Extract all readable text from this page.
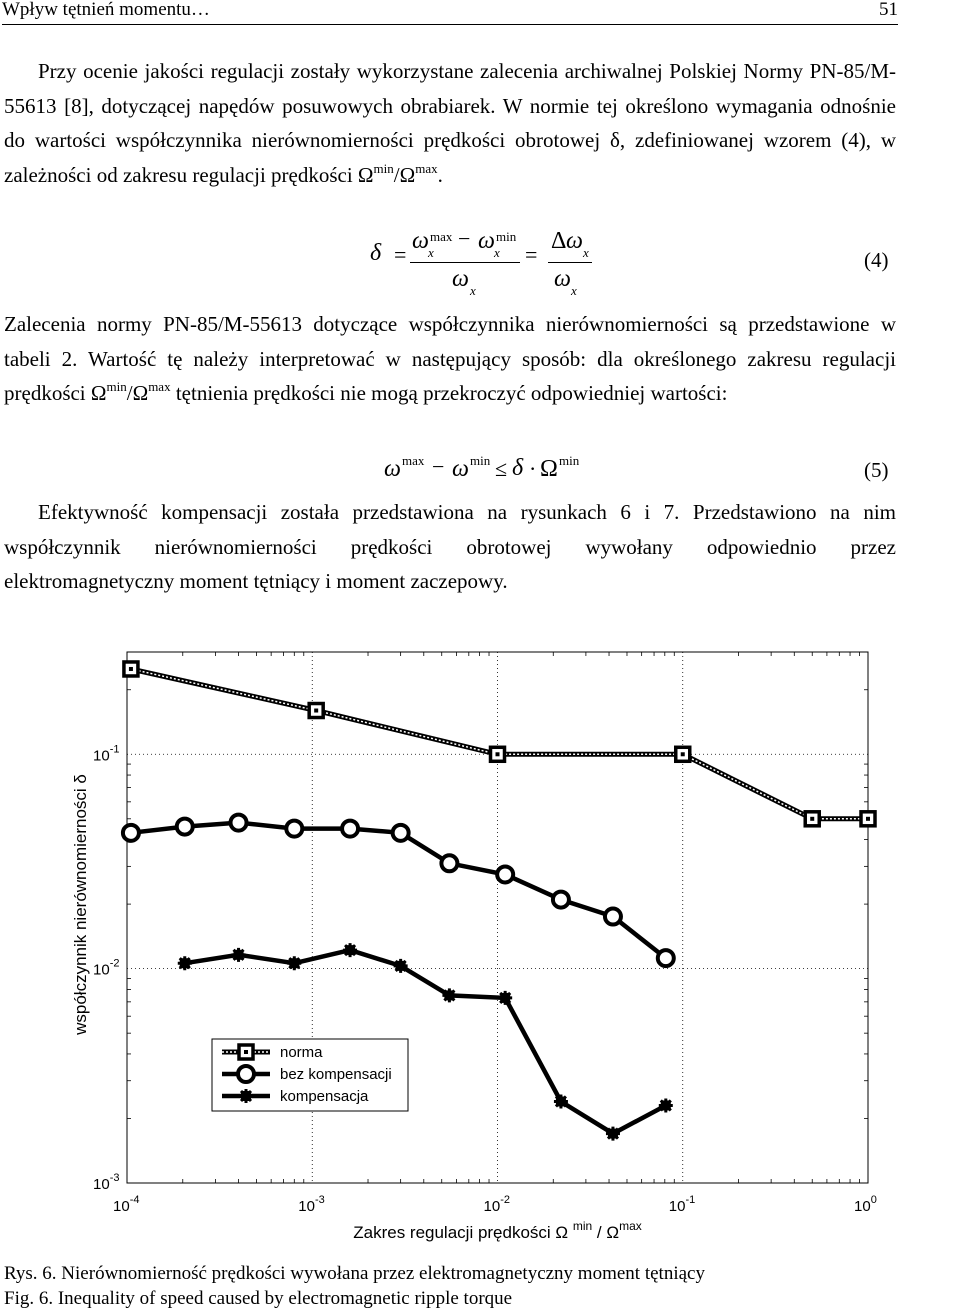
Wpływ tętnień momentu…	51

Przy ocenie jakości regulacji zostały wykorzystane zalecenia archiwalnej Polskiej Normy PN-85/M-55613 [8], dotyczącej napędów posuwowych obrabiarek. W normie tej określono wymagania odnośnie do wartości współczynnika nierównomierności prędkości obrotowej δ, zdefiniowanej wzorem (4), w zależności od zakresu regulacji prędkości $\Omega^{min}/\Omega^{max}$.

δ =
ω max
x
− ω min
x
ω x
=
Δ ω x
ω x
(4)

Zalecenia normy PN-85/M-55613 dotyczące współczynnika nierównomierności są przedstawione w tabeli 2. Wartość tę należy interpretować w następujący sposób: dla określonego zakresu regulacji prędkości $\Omega^{min}/\Omega^{max}$ tętnienia prędkości nie mogą przekroczyć odpowiedniej wartości:

ω max − ω min ≤ δ · Ω min	(5)

Efektywność kompensacji została przedstawiona na rysunkach 6 i 7. Przedstawiono na nim współczynnik nierównomierności prędkości obrotowej wywołany odpowiednio przez elektromagnetyczny moment tętniący i moment zaczepowy.

$10^{-4}$	$10^{-3}$	$10^{-2}$	$10^{-1}$	$10^0$
$10^{-3}$
$10^{-2}$
$10^{-1}$
Zakres regulacji prędkości Ω $^{min} / \Omega^{max}$
współczynnik nierównomierności δ
norma
bez kompensacji
kompensacja
Rys. 6. Nierównomierność prędkości wywołana przez elektromagnetyczny moment tętniący
Fig. 6. Inequality of speed caused by electromagnetic ripple torque
